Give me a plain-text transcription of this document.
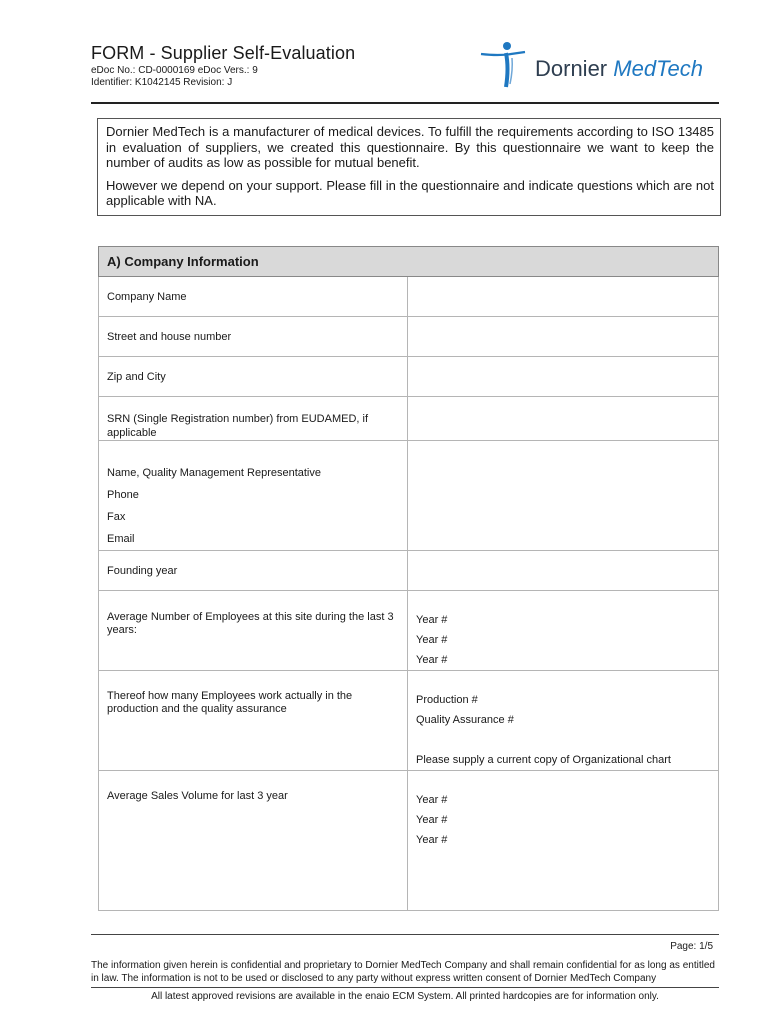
FORM - Supplier Self-Evaluation
eDoc No.: CD-0000169 eDoc Vers.: 9
Identifier: K1042145 Revision: J
Dornier MedTech

Dornier MedTech is a manufacturer of medical devices. To fulfill the requirements according to ISO 13485 in evaluation of suppliers, we created this questionnaire. By this questionnaire we want to keep the number of audits as low as possible for mutual benefit.

However we depend on your support. Please fill in the questionnaire and indicate questions which are not applicable with NA.

A) Company Information	
Company Name	
Street and house number	
Zip and City	
SRN (Single Registration number) from EUDAMED, if applicable	

Name, Quality Management Representative
Phone
Fax
Email	

Founding year	
Average Number of Employees at this site during the last 3 years:	Year #
Year #
Year #

Thereof how many Employees work actually in the production and the quality assurance	Production #
Quality Assurance #
Please supply a current copy of Organizational chart

Average Sales Volume for last 3 year	Year #
Year #
Year #
Page: 1/5
The information given herein is confidential and proprietary to Dornier MedTech Company and shall remain confidential for as long as entitled in law. The information is not to be used or disclosed to any party without express written consent of Dornier MedTech Company
All latest approved revisions are available in the enaio ECM System. All printed hardcopies are for information only.
